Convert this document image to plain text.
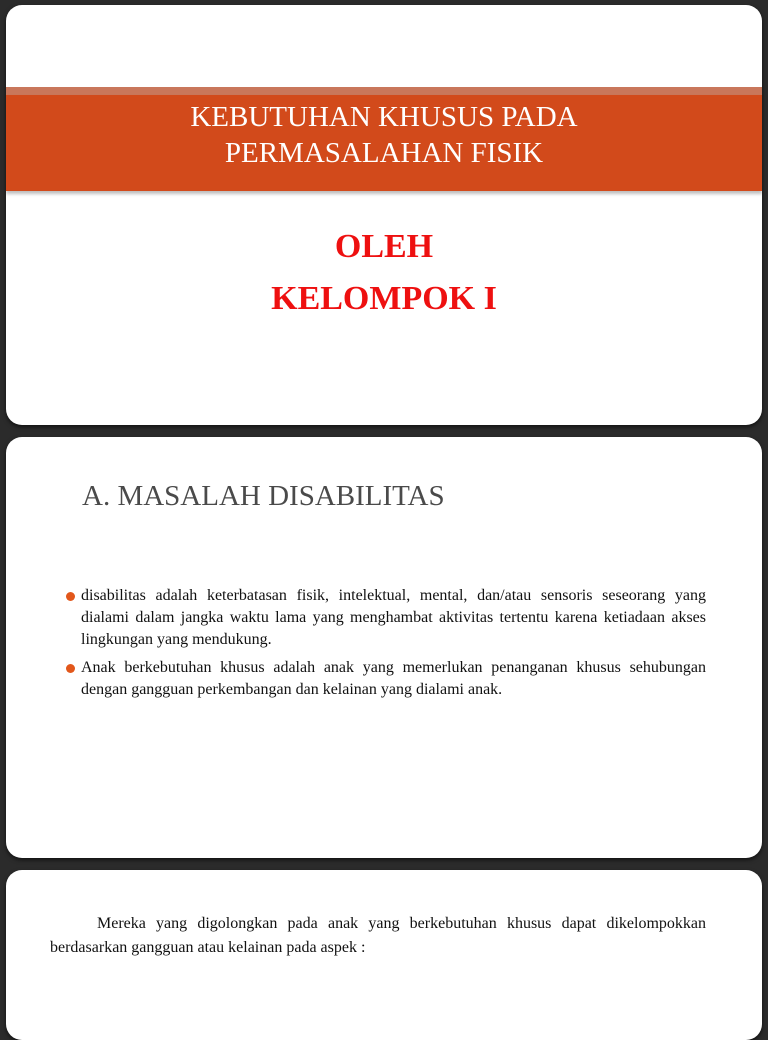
KEBUTUHAN KHUSUS PADA
PERMASALAHAN FISIK
OLEH
KELOMPOK I
A. MASALAH DISABILITAS
disabilitas adalah keterbatasan fisik, intelektual, mental, dan/atau sensoris seseorang yang dialami dalam jangka waktu lama yang menghambat aktivitas tertentu karena ketiadaan akses lingkungan yang mendukung.
Anak berkebutuhan khusus adalah anak yang memerlukan penanganan khusus sehubungan dengan gangguan perkembangan dan kelainan yang dialami anak.

Mereka yang digolongkan pada anak yang berkebutuhan khusus dapat dikelompokkan berdasarkan gangguan atau kelainan pada aspek :
